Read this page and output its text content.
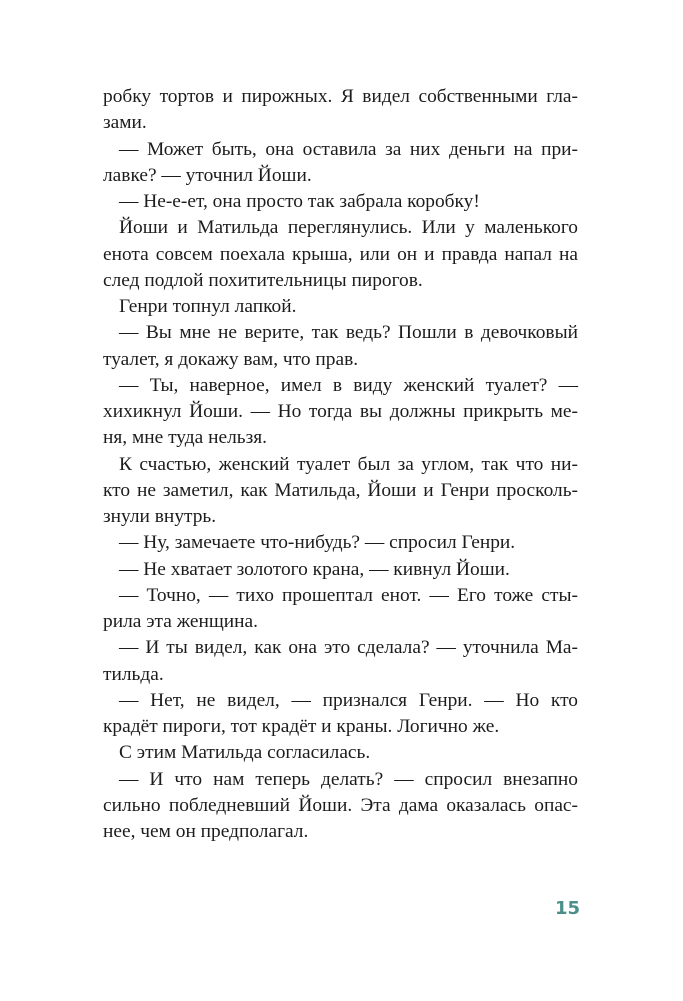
робку тортов и пирожных. Я видел собственными гла-
зами.
— Может быть, она оставила за них деньги на при-
лавке? — уточнил Йоши.
— Не-е-ет, она просто так забрала коробку!
Йоши и Матильда переглянулись. Или у маленького
енота совсем поехала крыша, или он и правда напал на
след подлой похитительницы пирогов.
Генри топнул лапкой.
— Вы мне не верите, так ведь? Пошли в девочковый
туалет, я докажу вам, что прав.
— Ты, наверное, имел в виду женский туалет? —
хихикнул Йоши. — Но тогда вы должны прикрыть ме-
ня, мне туда нельзя.
К счастью, женский туалет был за углом, так что ни-
кто не заметил, как Матильда, Йоши и Генри просколь-
знули внутрь.
— Ну, замечаете что-нибудь? — спросил Генри.
— Не хватает золотого крана, — кивнул Йоши.
— Точно, — тихо прошептал енот. — Его тоже сты-
рила эта женщина.
— И ты видел, как она это сделала? — уточнила Ма-
тильда.
— Нет, не видел, — признался Генри. — Но кто
крадёт пироги, тот крадёт и краны. Логично же.
С этим Матильда согласилась.
— И что нам теперь делать? — спросил внезапно
сильно побледневший Йоши. Эта дама оказалась опас-
нее, чем он предполагал.
15
